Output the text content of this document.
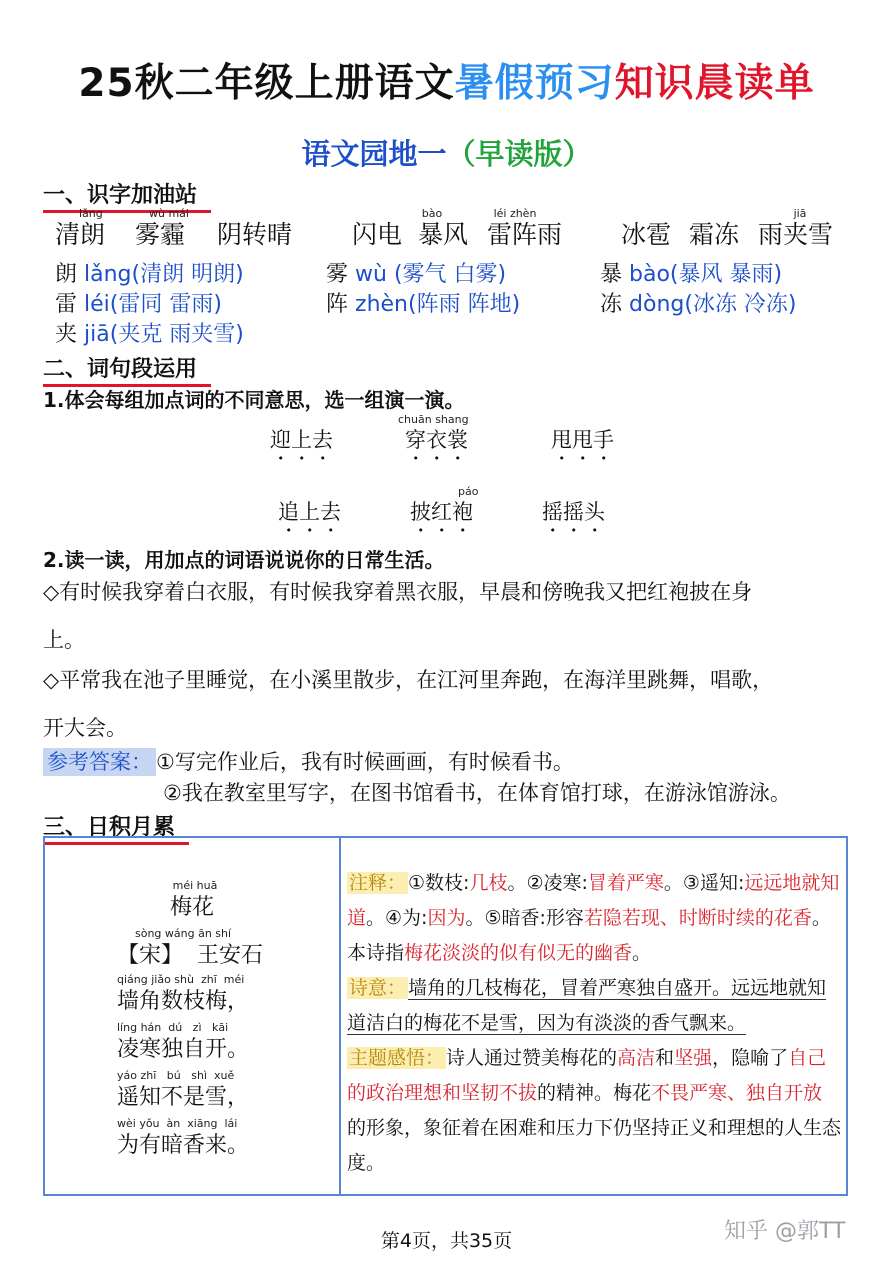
25秋二年级上册语文暑假预习知识晨读单
语文园地一（早读版）
一、识字加油站
lǎng
清朗
wù mái
雾霾	阴转晴 闪电
bào
暴风
léi zhèn
雷阵雨 冰雹 霜冻
jiā
雨夹雪
朗 lǎng(清朗 明朗)	雾 wù (雾气 白雾)	暴 bào(暴风 暴雨)
雷 léi(雷同 雷雨)	阵 zhèn(阵雨 阵地)	冻 dòng(冰冻 冷冻)
夹 jiā(夹克 雨夹雪)
二、词句段运用
1.体会每组加点词的不同意思，选一组演一演。
chuān shang
迎上去	穿衣裳	甩甩手
páo
追上去	披红袍	摇摇头
2.读一读，用加点的词语说说你的日常生活。
◇有时候我穿着白衣服，有时候我穿着黑衣服，早晨和傍晚我又把红袍披在身
上。
◇平常我在池子里睡觉，在小溪里散步，在江河里奔跑，在海洋里跳舞，唱歌，
开大会。
参考答案： ①写完作业后，我有时候画画，有时候看书。
②我在教室里写字，在图书馆看书，在体育馆打球，在游泳馆游泳。
三、日积月累
méi huā
梅花
sòng wáng ān shí
【宋】  王安石
qiáng jiǎo shù  zhī  méi
墙角数枝梅，
líng hán  dú   zì   kāi
凌寒独自开。
yáo zhī   bú   shì  xuě
遥知不是雪，
wèi yǒu  àn  xiāng  lái
为有暗香来。
注释： ①数枝:几枝。②凌寒:冒着严寒。③遥知:远远地就知道。④为:因为。⑤暗香:形容若隐若现、时断时续的花香。本诗指梅花淡淡的似有似无的幽香。
诗意： 墙角的几枝梅花，冒着严寒独自盛开。远远地就知道洁白的梅花不是雪，因为有淡淡的香气飘来。
主题感悟： 诗人通过赞美梅花的高洁和坚强，隐喻了自己的政治理想和坚韧不拔的精神。梅花不畏严寒、独自开放的形象，象征着在困难和压力下仍坚持正义和理想的人生态度。
第4页，共35页	知乎 @郭TT
